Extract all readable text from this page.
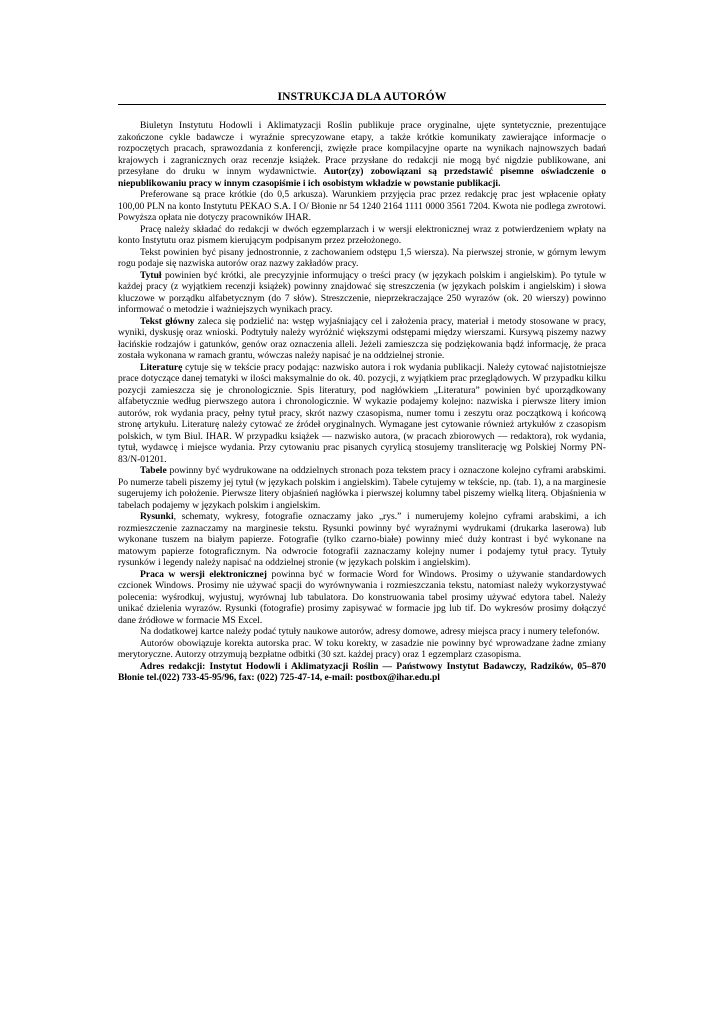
INSTRUKCJA DLA AUTORÓW

Biuletyn Instytutu Hodowli i Aklimatyzacji Roślin publikuje prace oryginalne, ujęte syntetycznie, prezentujące zakończone cykle badawcze i wyraźnie sprecyzowane etapy, a także krótkie komunikaty zawierające informacje o rozpoczętych pracach, sprawozdania z konferencji, zwięzłe prace kompilacyjne oparte na wynikach najnowszych badań krajowych i zagranicznych oraz recenzje książek. Prace przysłane do redakcji nie mogą być nigdzie publikowane, ani przesyłane do druku w innym wydawnictwie. Autor(zy) zobowiązani są przedstawić pisemne oświadczenie o niepublikowaniu pracy w innym czasopiśmie i ich osobistym wkładzie w powstanie publikacji.

Preferowane są prace krótkie (do 0,5 arkusza). Warunkiem przyjęcia prac przez redakcję prac jest wpłacenie opłaty 100,00 PLN na konto Instytutu PEKAO S.A. I O/ Błonie nr 54 1240 2164 1111 0000 3561 7204. Kwota nie podlega zwrotowi. Powyższa opłata nie dotyczy pracowników IHAR.

Pracę należy składać do redakcji w dwóch egzemplarzach i w wersji elektronicznej wraz z potwierdzeniem wpłaty na konto Instytutu oraz pismem kierującym podpisanym przez przełożonego.

Tekst powinien być pisany jednostronnie, z zachowaniem odstępu 1,5 wiersza). Na pierwszej stronie, w górnym lewym rogu podaje się nazwiska autorów oraz nazwy zakładów pracy.

Tytuł powinien być krótki, ale precyzyjnie informujący o treści pracy (w językach polskim i angielskim). Po tytule w każdej pracy (z wyjątkiem recenzji książek) powinny znajdować się streszczenia (w językach polskim i angielskim) i słowa kluczowe w porządku alfabetycznym (do 7 słów). Streszczenie, nieprzekraczające 250 wyrazów (ok. 20 wierszy) powinno informować o metodzie i ważniejszych wynikach pracy.

Tekst główny zaleca się podzielić na: wstęp wyjaśniający cel i założenia pracy, materiał i metody stosowane w pracy, wyniki, dyskusję oraz wnioski. Podtytuły należy wyróżnić większymi odstępami między wierszami. Kursywą piszemy nazwy łacińskie rodzajów i gatunków, genów oraz oznaczenia alleli. Jeżeli zamieszcza się podziękowania bądź informację, że praca została wykonana w ramach grantu, wówczas należy napisać je na oddzielnej stronie.

Literaturę cytuje się w tekście pracy podając: nazwisko autora i rok wydania publikacji. Należy cytować najistotniejsze prace dotyczące danej tematyki w ilości maksymalnie do ok. 40. pozycji, z wyjątkiem prac przeglądowych. W przypadku kilku pozycji zamieszcza się je chronologicznie. Spis literatury, pod nagłówkiem „Literatura” powinien być uporządkowany alfabetycznie według pierwszego autora i chronologicznie. W wykazie podajemy kolejno: nazwiska i pierwsze litery imion autorów, rok wydania pracy, pełny tytuł pracy, skrót nazwy czasopisma, numer tomu i zeszytu oraz początkową i końcową stronę artykułu. Literaturę należy cytować ze źródeł oryginalnych. Wymagane jest cytowanie również artykułów z czasopism polskich, w tym Biul. IHAR. W przypadku książek — nazwisko autora, (w pracach zbiorowych — redaktora), rok wydania, tytuł, wydawcę i miejsce wydania. Przy cytowaniu prac pisanych cyrylicą stosujemy transliterację wg Polskiej Normy PN-83/N-01201.

Tabele powinny być wydrukowane na oddzielnych stronach poza tekstem pracy i oznaczone kolejno cyframi arabskimi. Po numerze tabeli piszemy jej tytuł (w językach polskim i angielskim). Tabele cytujemy w tekście, np. (tab. 1), a na marginesie sugerujemy ich położenie. Pierwsze litery objaśnień nagłówka i pierwszej kolumny tabel piszemy wielką literą. Objaśnienia w tabelach podajemy w językach polskim i angielskim.

Rysunki, schematy, wykresy, fotografie oznaczamy jako „rys.” i numerujemy kolejno cyframi arabskimi, a ich rozmieszczenie zaznaczamy na marginesie tekstu. Rysunki powinny być wyraźnymi wydrukami (drukarka laserowa) lub wykonane tuszem na białym papierze. Fotografie (tylko czarno-białe) powinny mieć duży kontrast i być wykonane na matowym papierze fotograficznym. Na odwrocie fotografii zaznaczamy kolejny numer i podajemy tytuł pracy. Tytuły rysunków i legendy należy napisać na oddzielnej stronie (w językach polskim i angielskim).

Praca w wersji elektronicznej powinna być w formacie Word for Windows. Prosimy o używanie standardowych czcionek Windows. Prosimy nie używać spacji do wyrównywania i rozmieszczania tekstu, natomiast należy wykorzystywać polecenia: wyśrodkuj, wyjustuj, wyrównaj lub tabulatora. Do konstruowania tabel prosimy używać edytora tabel. Należy unikać dzielenia wyrazów. Rysunki (fotografie) prosimy zapisywać w formacie jpg lub tif. Do wykresów prosimy dołączyć dane źródłowe w formacie MS Excel.

Na dodatkowej kartce należy podać tytuły naukowe autorów, adresy domowe, adresy miejsca pracy i numery telefonów.

Autorów obowiązuje korekta autorska prac. W toku korekty, w zasadzie nie powinny być wprowadzane żadne zmiany merytoryczne. Autorzy otrzymują bezpłatne odbitki (30 szt. każdej pracy) oraz 1 egzemplarz czasopisma.

Adres redakcji: Instytut Hodowli i Aklimatyzacji Roślin — Państwowy Instytut Badawczy, Radzików, 05–870 Błonie tel.(022) 733-45-95/96, fax: (022) 725-47-14, e-mail: postbox@ihar.edu.pl
